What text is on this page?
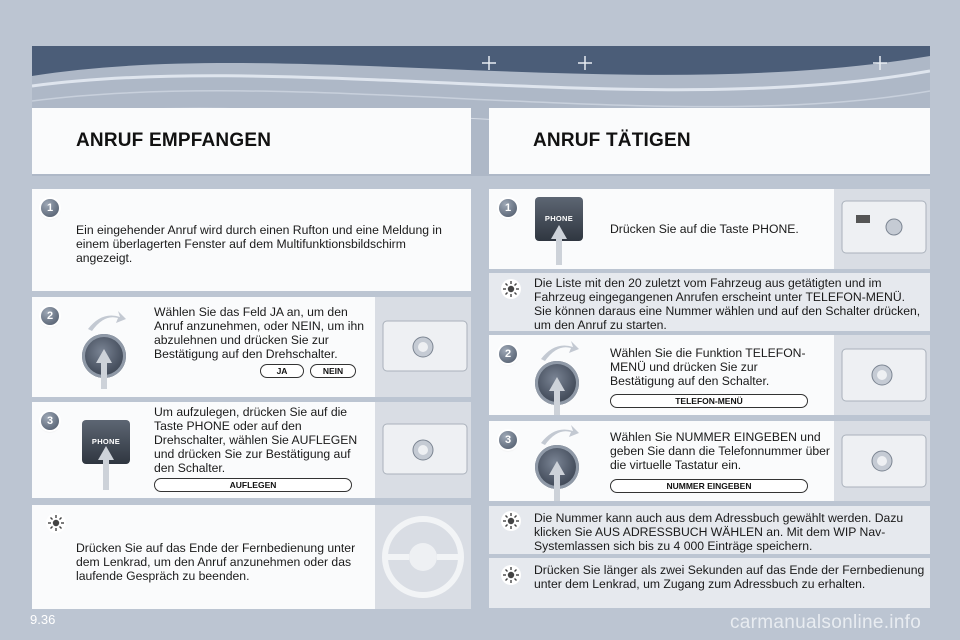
ANRUF EMPFANGEN
1
Ein eingehender Anruf wird durch einen Rufton und eine Meldung in einem überlagerten Fenster auf dem Multifunktionsbildschirm angezeigt.
2	Wählen Sie das Feld JA an, um den Anruf anzunehmen, oder NEIN, um ihn abzulehnen und drücken Sie zur Bestätigung auf den Drehschalter.
JA	NEIN
3
PHONE
Um aufzulegen, drücken Sie auf die Taste PHONE oder auf den Drehschalter, wählen Sie AUFLEGEN und drücken Sie zur Bestätigung auf den Schalter.
AUFLEGEN
Drücken Sie auf das Ende der Fernbedienung unter dem Lenkrad, um den Anruf anzunehmen oder das laufende Gespräch zu beenden.
ANRUF TÄTIGEN
1
PHONE
Drücken Sie auf die Taste PHONE.
Die Liste mit den 20 zuletzt vom Fahrzeug aus getätigten und im Fahrzeug eingegangenen Anrufen erscheint unter TELEFON-MENÜ. Sie können daraus eine Nummer wählen und auf den Schalter drücken, um den Anruf zu starten.
2	Wählen Sie die Funktion TELEFON-MENÜ und drücken Sie zur Bestätigung auf den Schalter.
TELEFON-MENÜ
3	Wählen Sie NUMMER EINGEBEN und geben Sie dann die Telefonnummer über die virtuelle Tastatur ein.
NUMMER EINGEBEN
Die Nummer kann auch aus dem Adressbuch gewählt werden. Dazu klicken Sie AUS ADRESSBUCH WÄHLEN an. Mit dem WIP Nav-Systemlassen sich bis zu 4 000 Einträge speichern.
Drücken Sie länger als zwei Sekunden auf das Ende der Fernbedienung unter dem Lenkrad, um Zugang zum Adressbuch zu erhalten.
9.36	carmanualsonline.info
